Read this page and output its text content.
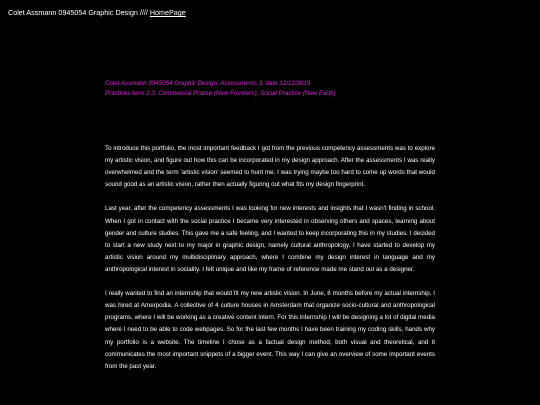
Colet Assmann 0945054 Graphic Design //// HomePage
Colet Assmann 0945054 Graphic Design, Assessments 3, date 12/12/2019.
Practices term 2.3: Commercial Pratice (New Frontiers), Social Practice (New Earth)

To introduce this portfolio, the most important feedback I got from the previous competency assessments was to explore my artistic vision, and figure out how this can be incorporated in my design approach. After the assessments I was really overwhelmed and the term 'artistic vision' seemed to hunt me. I was trying maybe too hard to come up words that would sound good as an artistic vision, rather then actually figuring out what fits my design fingerprint.

Last year, after the competency assessments I was looking for new interests and insights that I wasn't finding in school. When I got in contact with the social practice I became very interested in observing others and spaces, learning about gender and culture studies. This gave me a safe feeling, and I wanted to keep incorporating this in my studies. I decided to start a new study next to my major in graphic design, namely cultural anthropology. I have started to develop my artistic vision around my multidisciplinary approach, where I combine my design interest in language and my anthropological interest in sociality. I felt unique and like my frame of reference made me stand out as a designer.

I really wanted to find an internship that would fit my new artistic vision. In June, 8 months before my actual internship, I was hired at Amerpodia. A collective of 4 culture houses in Amsterdam that organize socio-cultural and anthropological programs, where I will be working as a creative content intern. For this internship I will be designing a lot of digital media where I need to be able to code webpages. So for the last few months I have been training my coding skills, hands why my portfolio is a website. The timeline I chose as a factual design method, both visual and theoretical, and it communicates the most important snippets of a bigger event. This way I can give an overview of some important events from the past year.
